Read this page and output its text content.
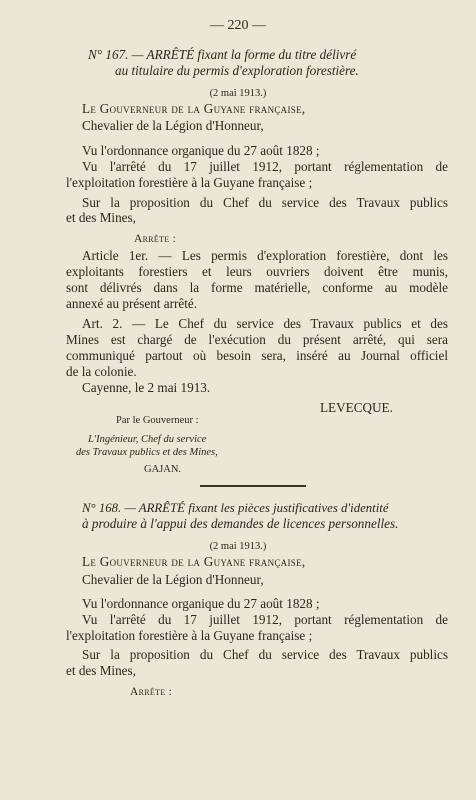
— 220 —
N° 167. — ARRÊTÉ fixant la forme du titre délivré
au titulaire du permis d'exploration forestière.
(2 mai 1913.)
Le Gouverneur de la Guyane française,
Chevalier de la Légion d'Honneur,
Vu l'ordonnance organique du 27 août 1828 ;
Vu l'arrêté du 17 juillet 1912, portant réglementation de
l'exploitation forestière à la Guyane française ;
Sur la proposition du Chef du service des Travaux publics
et des Mines,
Arrête :
Article 1er. — Les permis d'exploration forestière, dont les
exploitants forestiers et leurs ouvriers doivent être munis,
sont délivrés dans la forme matérielle, conforme au modèle
annexé au présent arrêté.
Art. 2. — Le Chef du service des Travaux publics et des
Mines est chargé de l'exécution du présent arrêté, qui sera
communiqué partout où besoin sera, inséré au Journal officiel
de la colonie.
Cayenne, le 2 mai 1913.
LEVECQUE.
Par le Gouverneur :
L'Ingénieur, Chef du service
des Travaux publics et des Mines,
GAJAN.
N° 168. — ARRÊTÉ fixant les pièces justificatives d'identité
à produire à l'appui des demandes de licences personnelles.
(2 mai 1913.)
Le Gouverneur de la Guyane française,
Chevalier de la Légion d'Honneur,
Vu l'ordonnance organique du 27 août 1828 ;
Vu l'arrêté du 17 juillet 1912, portant réglementation de
l'exploitation forestière à la Guyane française ;
Sur la proposition du Chef du service des Travaux publics
et des Mines,
Arrête :
